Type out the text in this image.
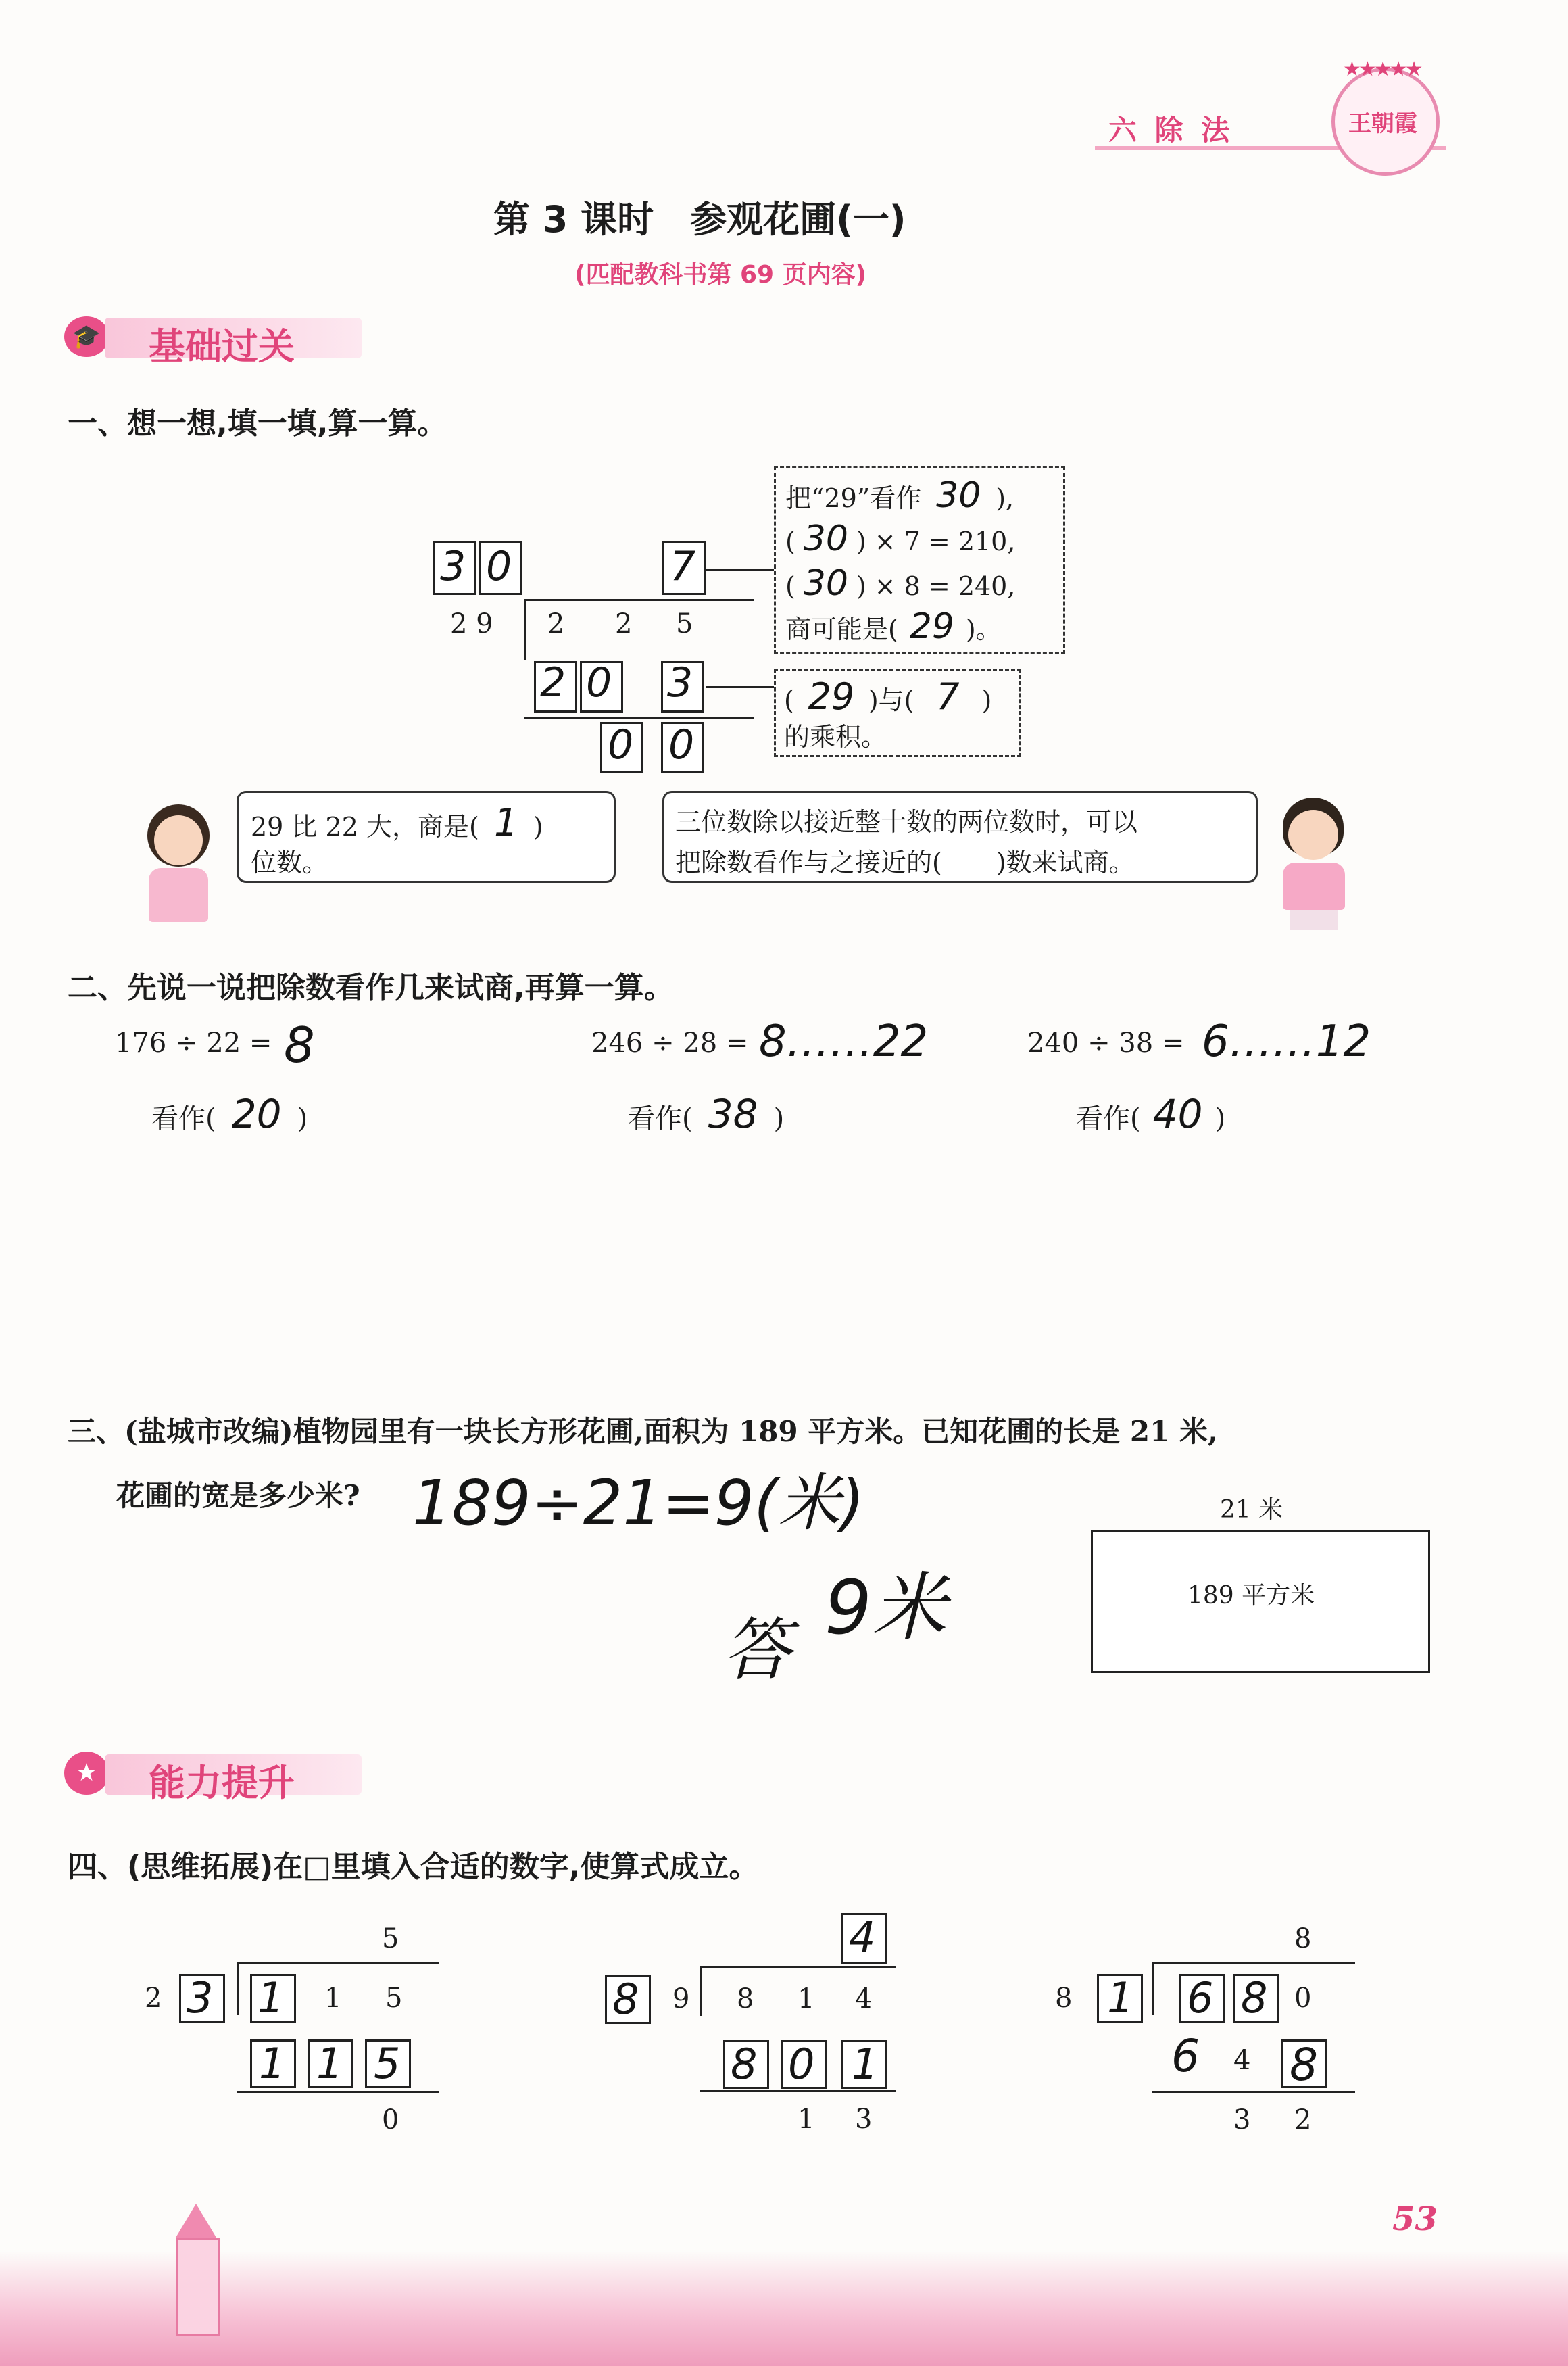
六 除 法
★★★★★
王朝霞
第 3 课时　参观花圃(一)
(匹配教科书第 69 页内容)
🎓 基础过关
一、想一想,填一填,算一算。
3 0	7
2 9 2 2 5
2 0 3
0 0
把“29”看作 30 ),
( 30 ) × 7 = 210,
( 30 ) × 8 = 240,
商可能是( 29 )。
( 29 )与( 7 )
的乘积。
29 比 22 大，商是( 1 )
位数。
三位数除以接近整十数的两位数时，可以
把除数看作与之接近的( )数来试商。
二、先说一说把除数看作几来试商,再算一算。
176 ÷ 22 = 8
看作( 20 )
246 ÷ 28 = 8……22
看作( 38 )
240 ÷ 38 = 6……12
看作( 40 )
三、(盐城市改编)植物园里有一块长方形花圃,面积为 189 平方米。已知花圃的长是 21 米,
花圃的宽是多少米? 189÷21=9(米)
答 9米
21 米
189 平方米
★	能力提升
四、(思维拓展)在□里填入合适的数字,使算式成立。
5
2 3 1 1 5
1 1 5
0
4
8 9 8 1 4
8 0 1
1 3
8
8 1 6 8 0
6 4 8
3 2
53
